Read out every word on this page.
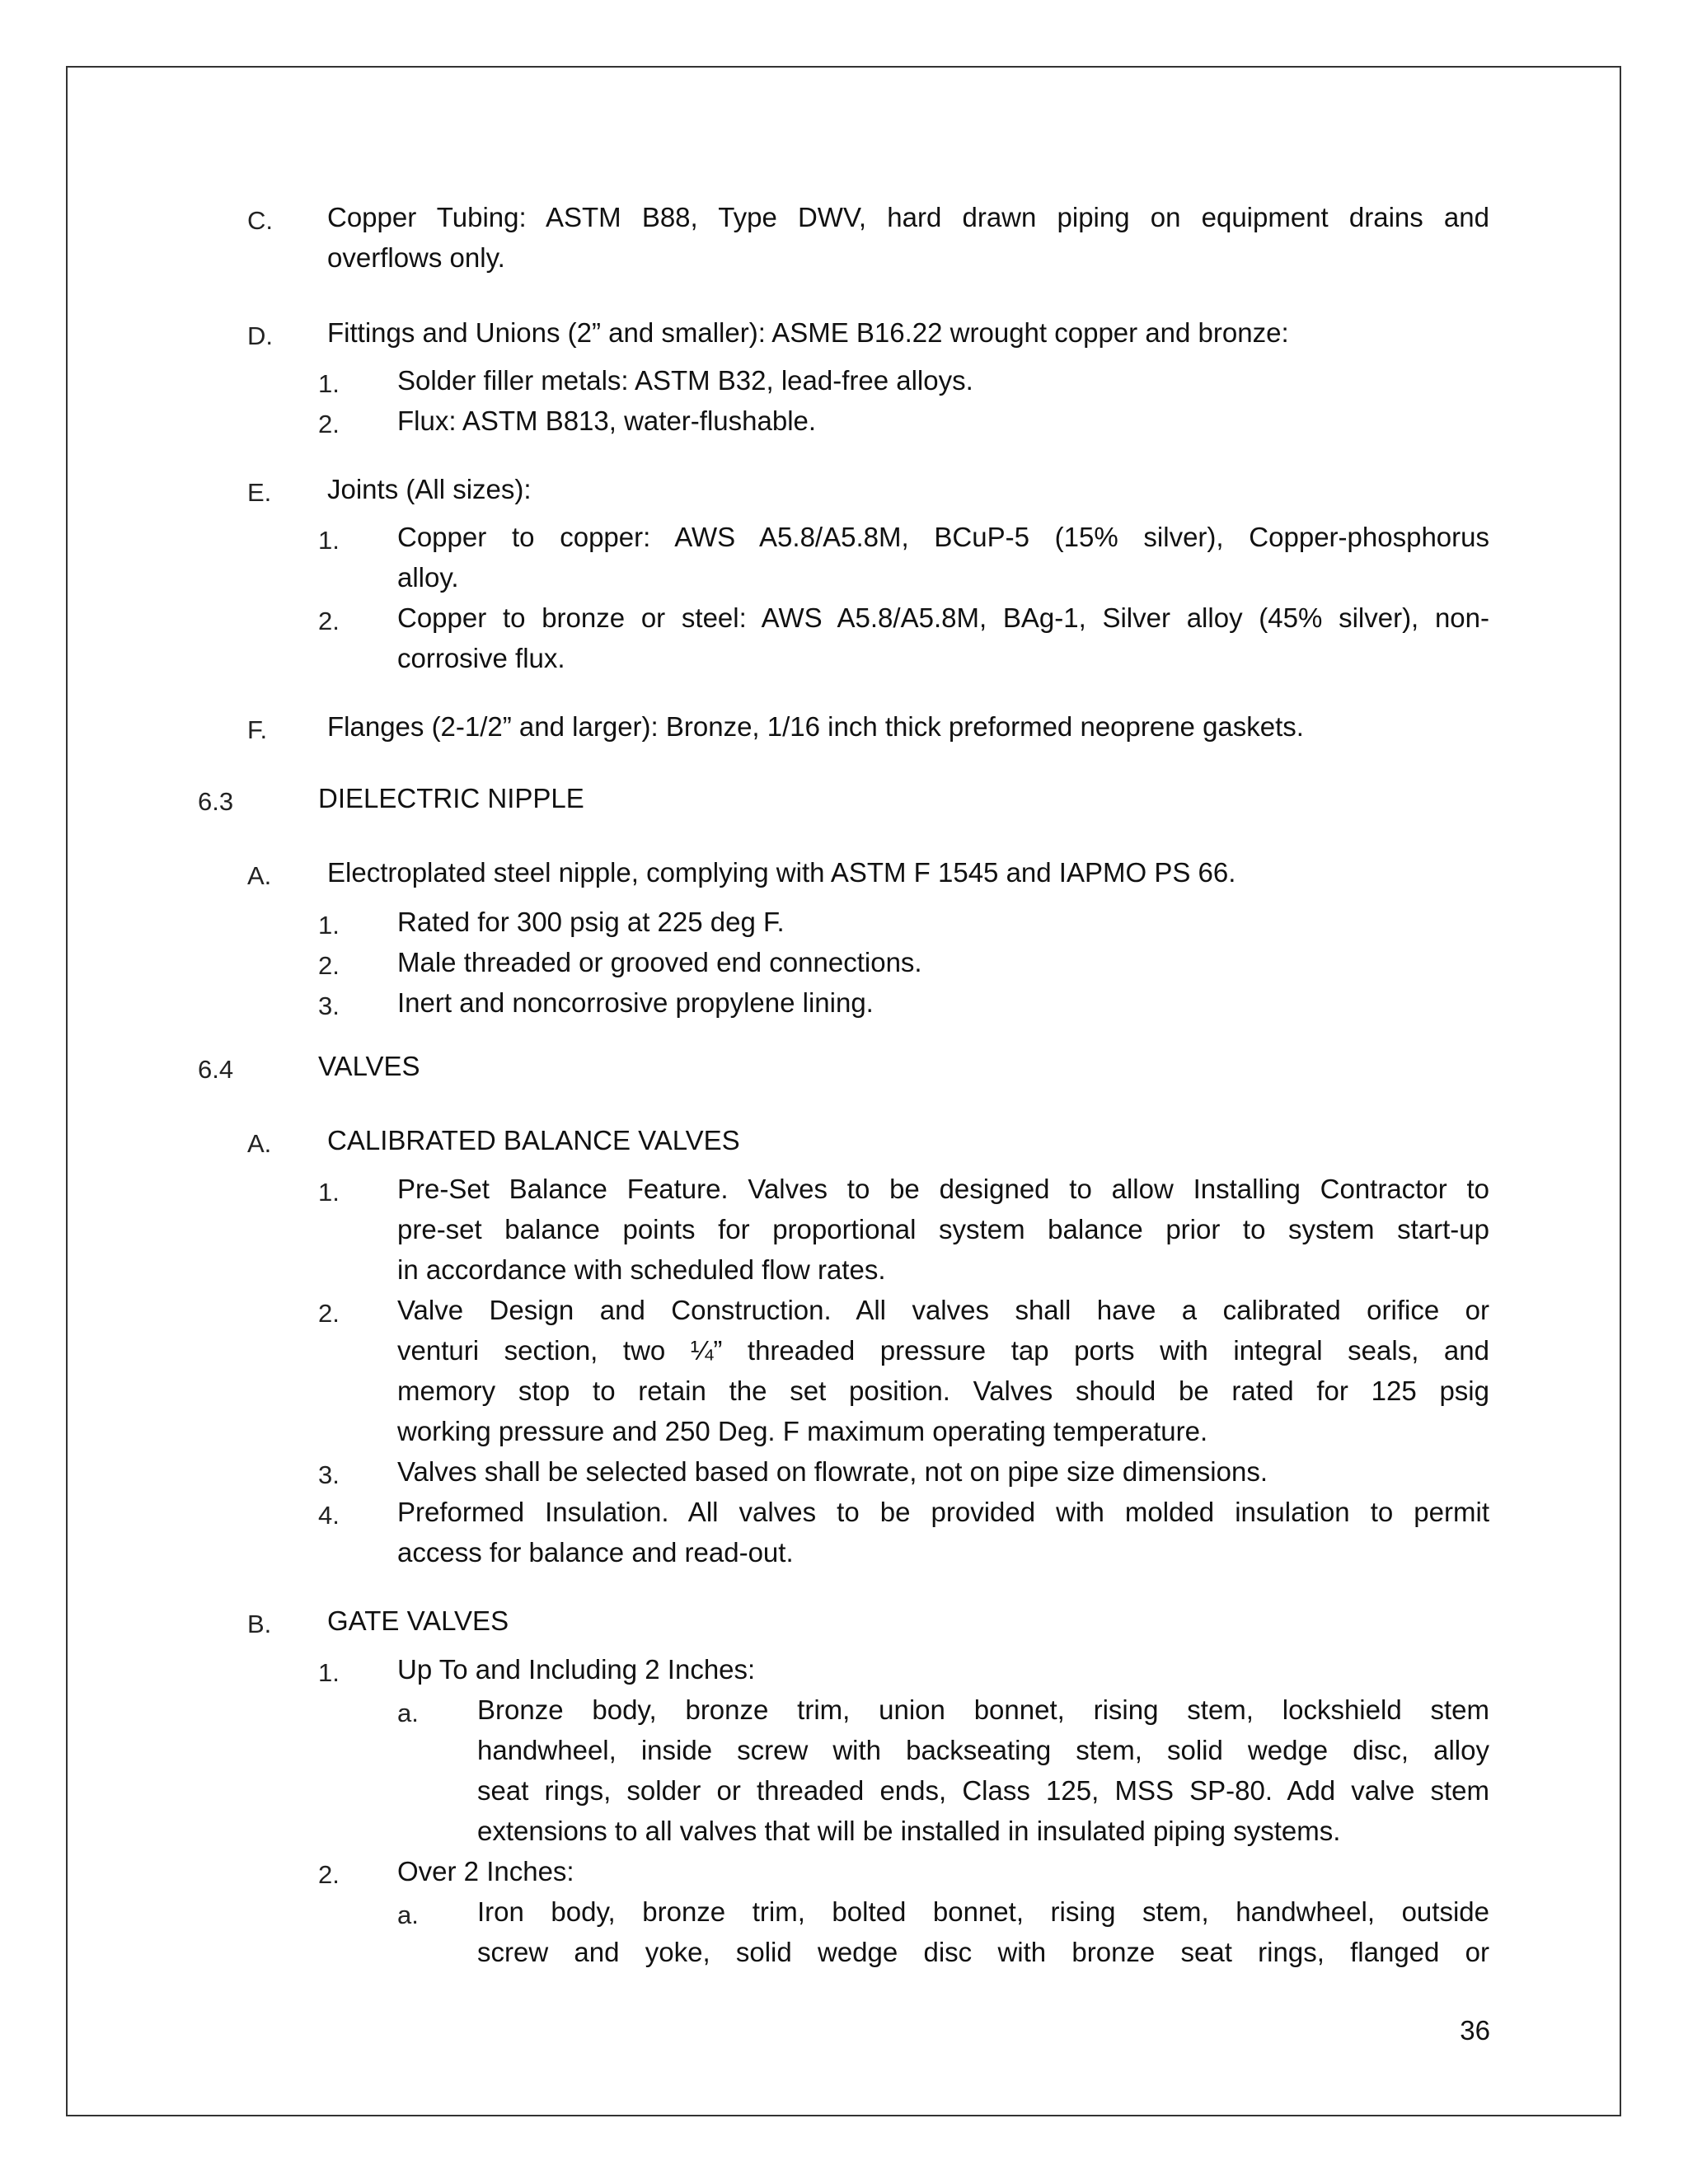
C. Copper Tubing: ASTM B88, Type DWV, hard drawn piping on equipment drains and
overflows only.
D. Fittings and Unions (2” and smaller): ASME B16.22 wrought copper and bronze:
1. Solder filler metals: ASTM B32, lead-free alloys.
2. Flux: ASTM B813, water-flushable.
E. Joints (All sizes):
1. Copper to copper: AWS A5.8/A5.8M, BCuP-5 (15% silver), Copper-phosphorus
alloy.
2. Copper to bronze or steel: AWS A5.8/A5.8M, BAg-1, Silver alloy (45% silver), non-
corrosive flux.
F. Flanges (2-1/2” and larger): Bronze, 1/16 inch thick preformed neoprene gaskets.
6.3	DIELECTRIC NIPPLE
A. Electroplated steel nipple, complying with ASTM F 1545 and IAPMO PS 66.
1. Rated for 300 psig at 225 deg F.
2. Male threaded or grooved end connections.
3. Inert and noncorrosive propylene lining.
6.4	VALVES
A. CALIBRATED BALANCE VALVES
1. Pre-Set Balance Feature. Valves to be designed to allow Installing Contractor to
pre-set balance points for proportional system balance prior to system start-up
in accordance with scheduled flow rates.
2. Valve Design and Construction. All valves shall have a calibrated orifice or
venturi section, two ¼” threaded pressure tap ports with integral seals, and
memory stop to retain the set position. Valves should be rated for 125 psig
working pressure and 250 Deg. F maximum operating temperature.
3. Valves shall be selected based on flowrate, not on pipe size dimensions.
4. Preformed Insulation. All valves to be provided with molded insulation to permit
access for balance and read-out.
B. GATE VALVES
1. Up To and Including 2 Inches:
a. Bronze body, bronze trim, union bonnet, rising stem, lockshield stem
handwheel, inside screw with backseating stem, solid wedge disc, alloy
seat rings, solder or threaded ends, Class 125, MSS SP-80. Add valve stem
extensions to all valves that will be installed in insulated piping systems.
2. Over 2 Inches:
a. Iron body, bronze trim, bolted bonnet, rising stem, handwheel, outside
screw and yoke, solid wedge disc with bronze seat rings, flanged or
36
